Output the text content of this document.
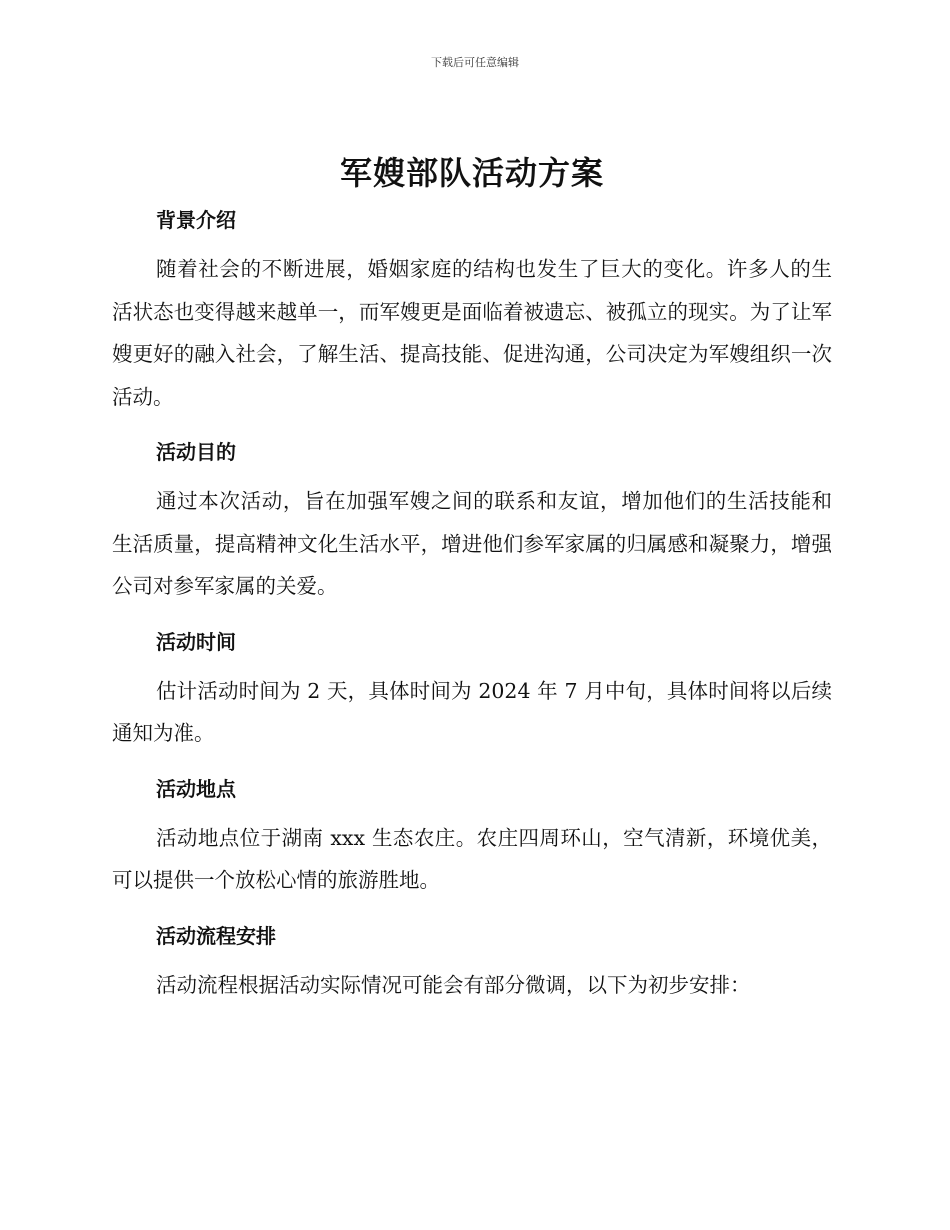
下载后可任意编辑
军嫂部队活动方案
背景介绍

随着社会的不断进展，婚姻家庭的结构也发生了巨大的变化。许多人的生活状态也变得越来越单一，而军嫂更是面临着被遗忘、被孤立的现实。为了让军嫂更好的融入社会，了解生活、提高技能、促进沟通，公司决定为军嫂组织一次活动。

活动目的

通过本次活动，旨在加强军嫂之间的联系和友谊，增加他们的生活技能和生活质量，提高精神文化生活水平，增进他们参军家属的归属感和凝聚力，增强公司对参军家属的关爱。

活动时间

估计活动时间为 2 天，具体时间为 2024 年 7 月中旬，具体时间将以后续通知为准。

活动地点

活动地点位于湖南 xxx 生态农庄。农庄四周环山，空气清新，环境优美，可以提供一个放松心情的旅游胜地。

活动流程安排

活动流程根据活动实际情况可能会有部分微调，以下为初步安排：
